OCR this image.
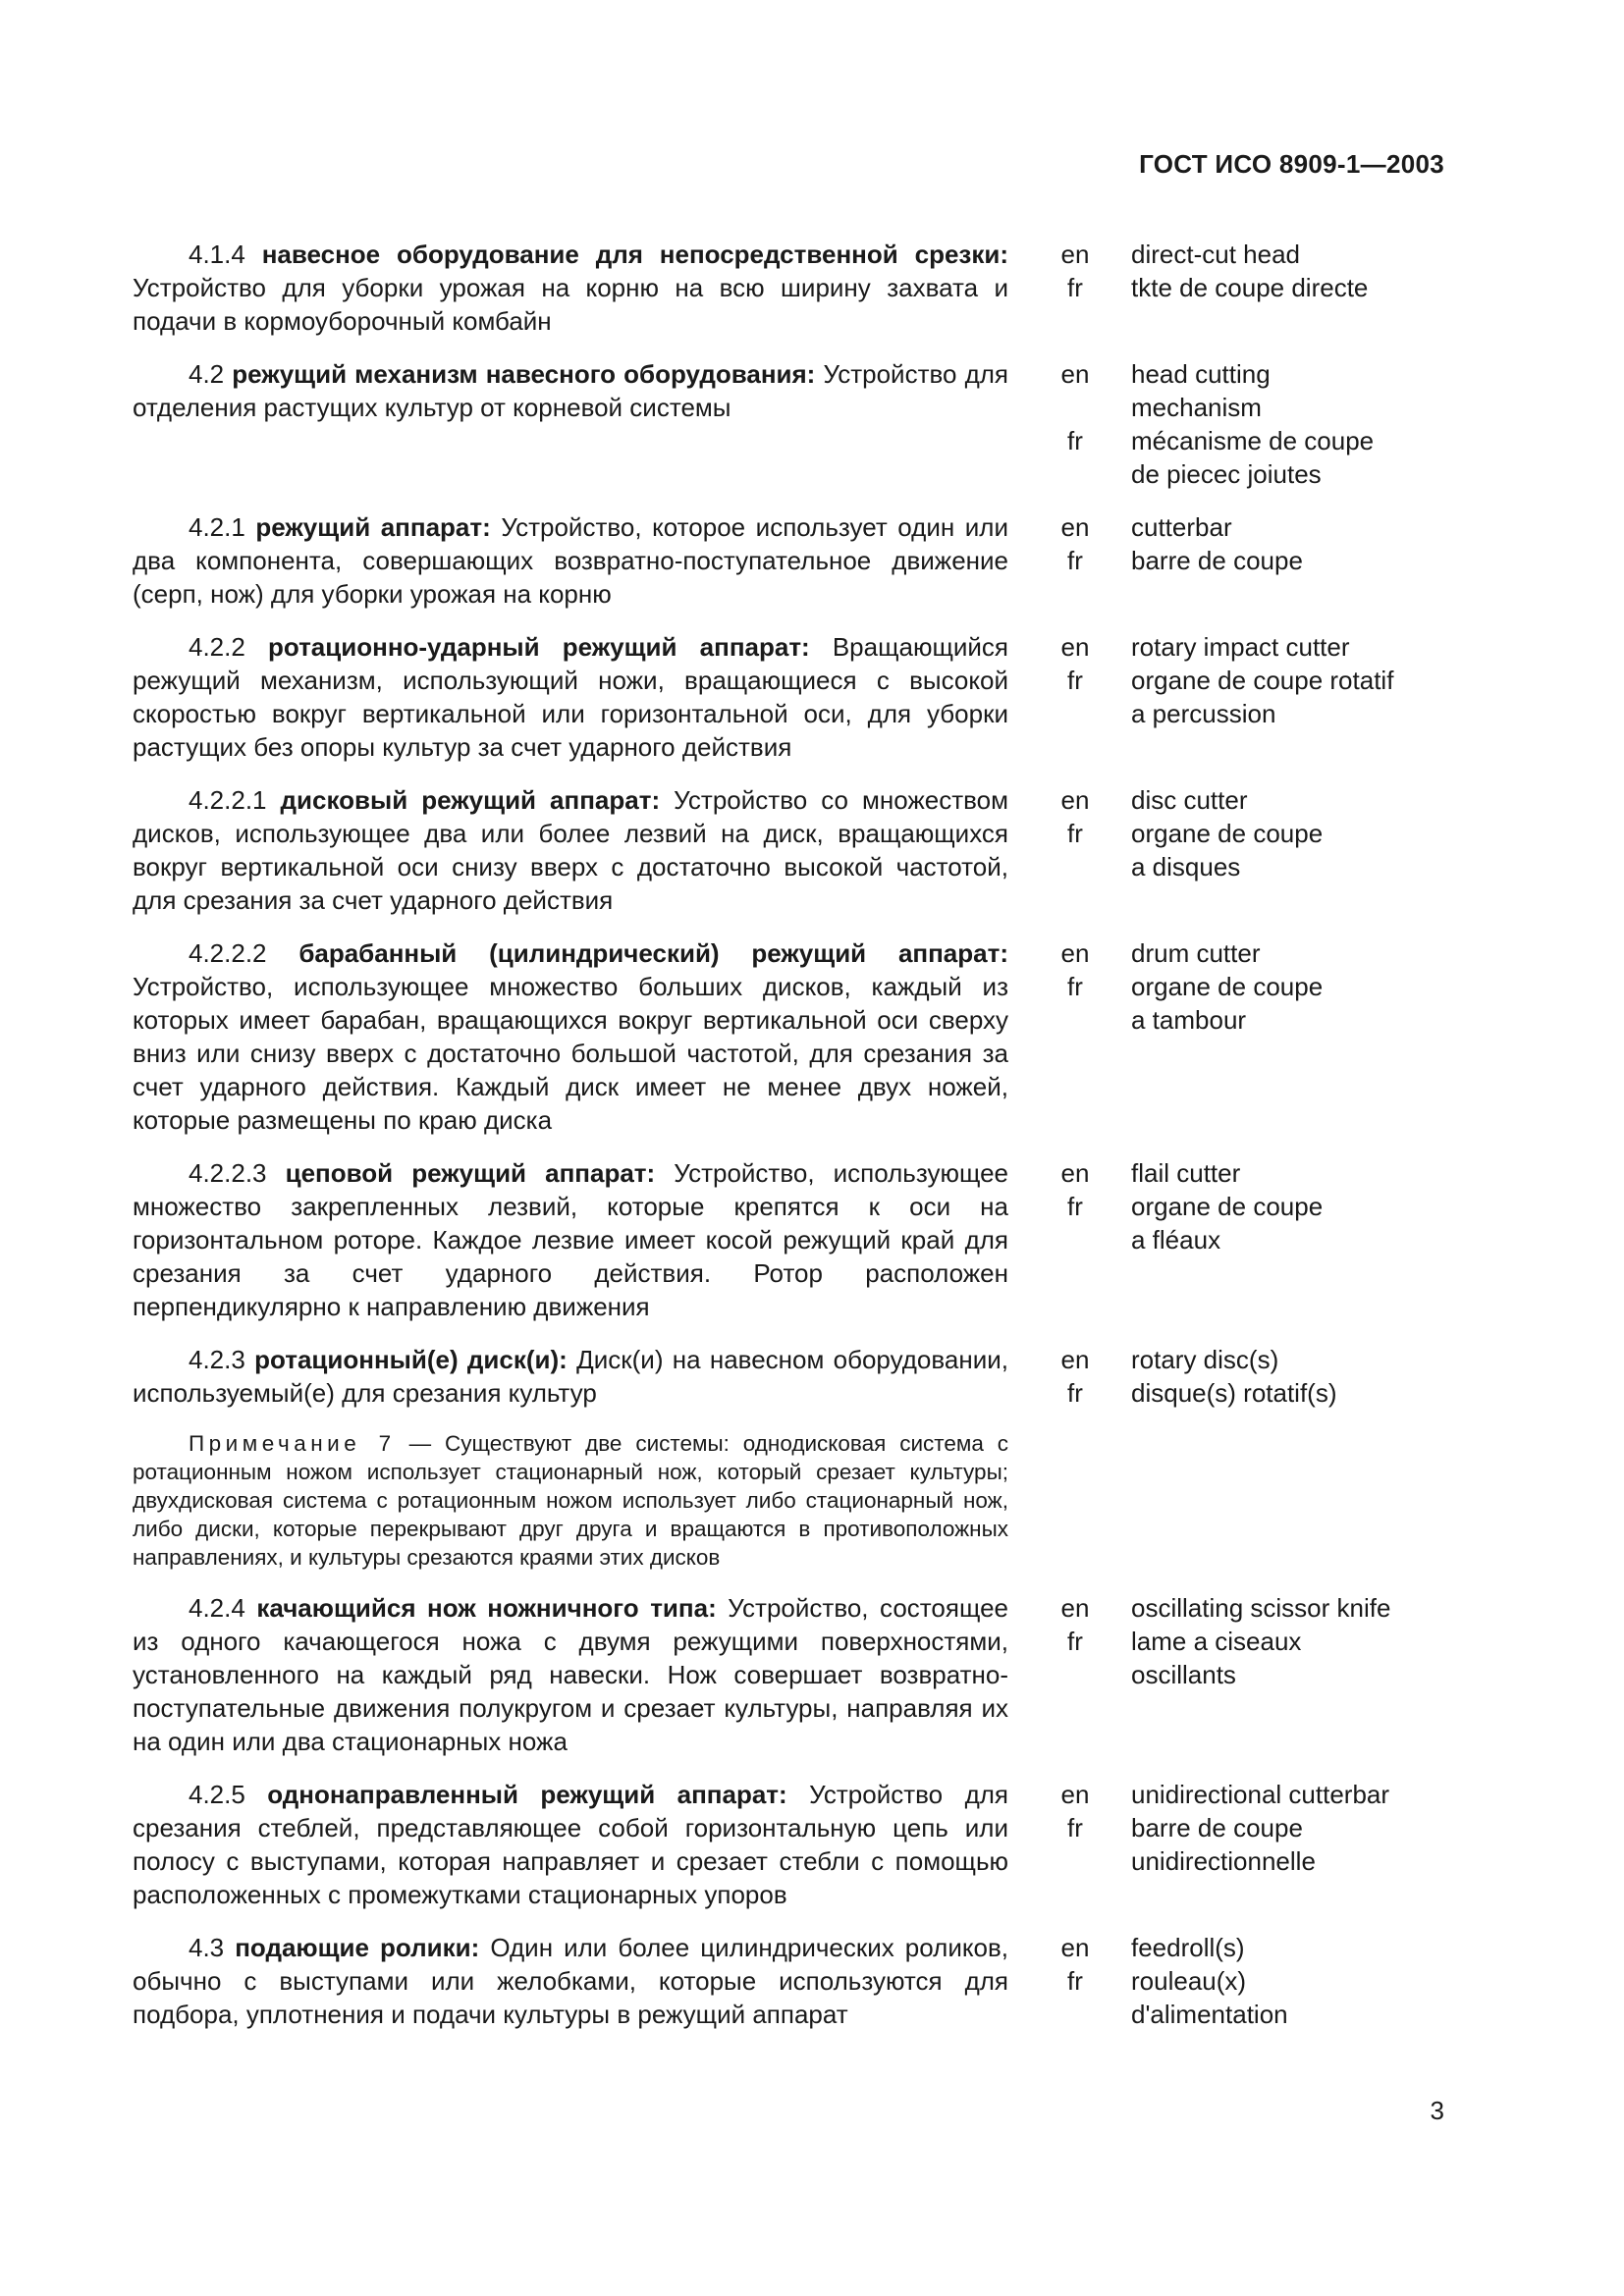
ГОСТ ИСО 8909-1—2003
4.1.4 навесное оборудование для непосредственной срезки: Устройство для уборки урожая на корню на всю ширину захвата и подачи в кормоуборочный комбайн
en
fr
direct-cut head
tkte de coupe directe
4.2 режущий механизм навесного оборудования: Устройство для отделения растущих культур от корневой системы
en

fr
head cutting
mechanism
mécanisme de coupe
de piecec joiutes
4.2.1 режущий аппарат: Устройство, которое использует один или два компонента, совершающих возвратно-поступательное движение (серп, нож) для уборки урожая на корню
en
fr
cutterbar
barre de coupe
4.2.2 ротационно-ударный режущий аппарат: Вращающийся режущий механизм, использующий ножи, вращающиеся с высокой скоростью вокруг вертикальной или горизонтальной оси, для уборки растущих без опоры культур за счет ударного действия
en
fr
rotary impact cutter
organe de coupe rotatif
a percussion
4.2.2.1 дисковый режущий аппарат: Устройство со множеством дисков, использующее два или более лезвий на диск, вращающихся вокруг вертикальной оси снизу вверх с достаточно высокой частотой, для срезания за счет ударного действия
en
fr
disc cutter
organe de coupe
a disques
4.2.2.2 барабанный (цилиндрический) режущий аппарат: Устройство, использующее множество больших дисков, каждый из которых имеет барабан, вращающихся вокруг вертикальной оси сверху вниз или снизу вверх с достаточно большой частотой, для срезания за счет ударного действия. Каждый диск имеет не менее двух ножей, которые размещены по краю диска
en
fr
drum cutter
organe de coupe
a tambour
4.2.2.3 цеповой режущий аппарат: Устройство, использующее множество закрепленных лезвий, которые крепятся к оси на горизонтальном роторе. Каждое лезвие имеет косой режущий край для срезания за счет ударного действия. Ротор расположен перпендикулярно к направлению движения
en
fr
flail cutter
organe de coupe
a fléaux
4.2.3 ротационный(е) диск(и): Диск(и) на навесном оборудовании, используемый(е) для срезания культур
en
fr
rotary disc(s)
disque(s) rotatif(s)
Примечание 7 — Существуют две системы: однодисковая система с ротационным ножом использует стационарный нож, который срезает культуры; двухдисковая система с ротационным ножом использует либо стационарный нож, либо диски, которые перекрывают друг друга и вращаются в противоположных направлениях, и культуры срезаются краями этих дисков
4.2.4 качающийся нож ножничного типа: Устройство, состоящее из одного качающегося ножа с двумя режущими поверхностями, установленного на каждый ряд навески. Нож совершает возвратно-поступательные движения полукругом и срезает культуры, направляя их на один или два стационарных ножа
en
fr
oscillating scissor knife
lame a ciseaux
oscillants
4.2.5 однонаправленный режущий аппарат: Устройство для срезания стеблей, представляющее собой горизонтальную цепь или полосу с выступами, которая направляет и срезает стебли с помощью расположенных с промежутками стационарных упоров
en
fr
unidirectional cutterbar
barre de coupe
unidirectionnelle
4.3 подающие ролики: Один или более цилиндрических роликов, обычно с выступами или желобками, которые используются для подбора, уплотнения и подачи культуры в режущий аппарат
en
fr
feedroll(s)
rouleau(x)
d'alimentation
3
